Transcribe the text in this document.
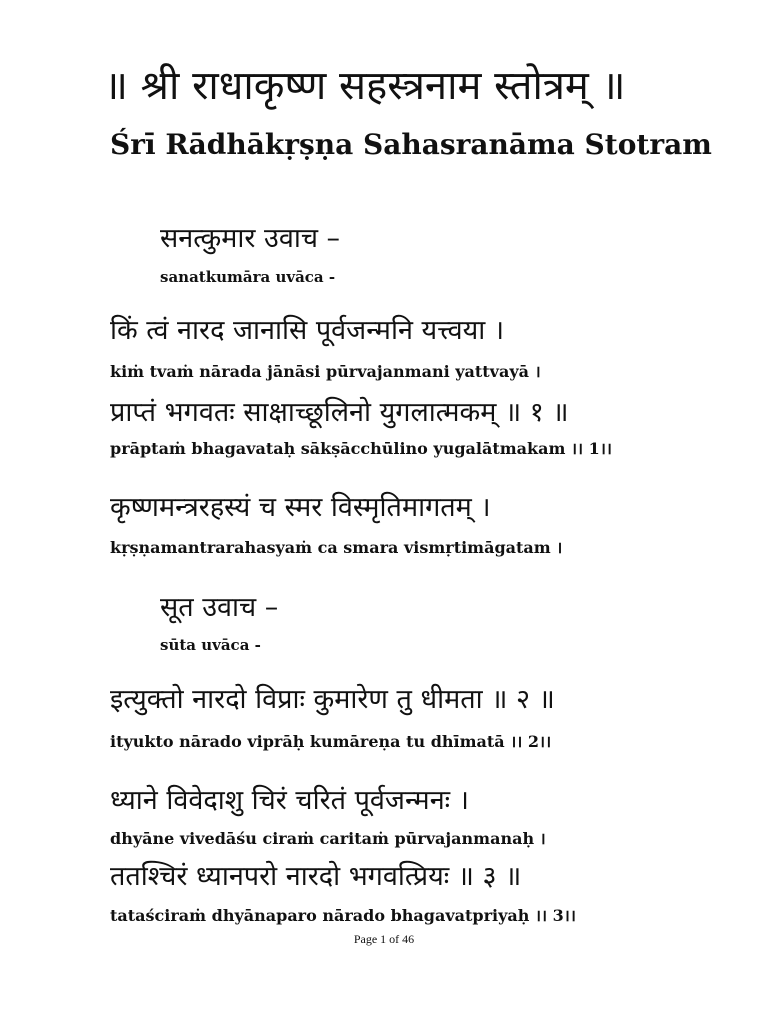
॥ श्री राधाकृष्ण सहस्त्रनाम स्तोत्रम् ॥
Śrī Rādhākṛṣṇa Sahasranāma Stotram
सनत्कुमार उवाच –
sanatkumāra uvāca -
किं त्वं नारद जानासि पूर्वजन्मनि यत्त्वया ।
kiṁ tvaṁ nārada jānāsi pūrvajanmani yattvayā ।
प्राप्तं भगवतः साक्षाच्छूलिनो युगलात्मकम् ॥ १ ॥
prāptaṁ bhagavataḥ sākṣācchūlino yugalātmakam ।। 1।।
कृष्णमन्त्ररहस्यं च स्मर विस्मृतिमागतम् ।
kṛṣṇamantrarahasyaṁ ca smara vismṛtimāgatam ।
सूत उवाच –
sūta uvāca -
इत्युक्तो नारदो विप्राः कुमारेण तु धीमता ॥ २ ॥
ityukto nārado viprāḥ kumāreṇa tu dhīmatā ।। 2।।
ध्याने विवेदाशु चिरं चरितं पूर्वजन्मनः ।
dhyāne vivedāśu ciraṁ caritaṁ pūrvajanmanaḥ ।
ततश्चिरं ध्यानपरो नारदो भगवत्प्रियः ॥ ३ ॥
tataściraṁ dhyānaparo nārado bhagavatpriyaḥ ।। 3।।
Page 1 of 46
